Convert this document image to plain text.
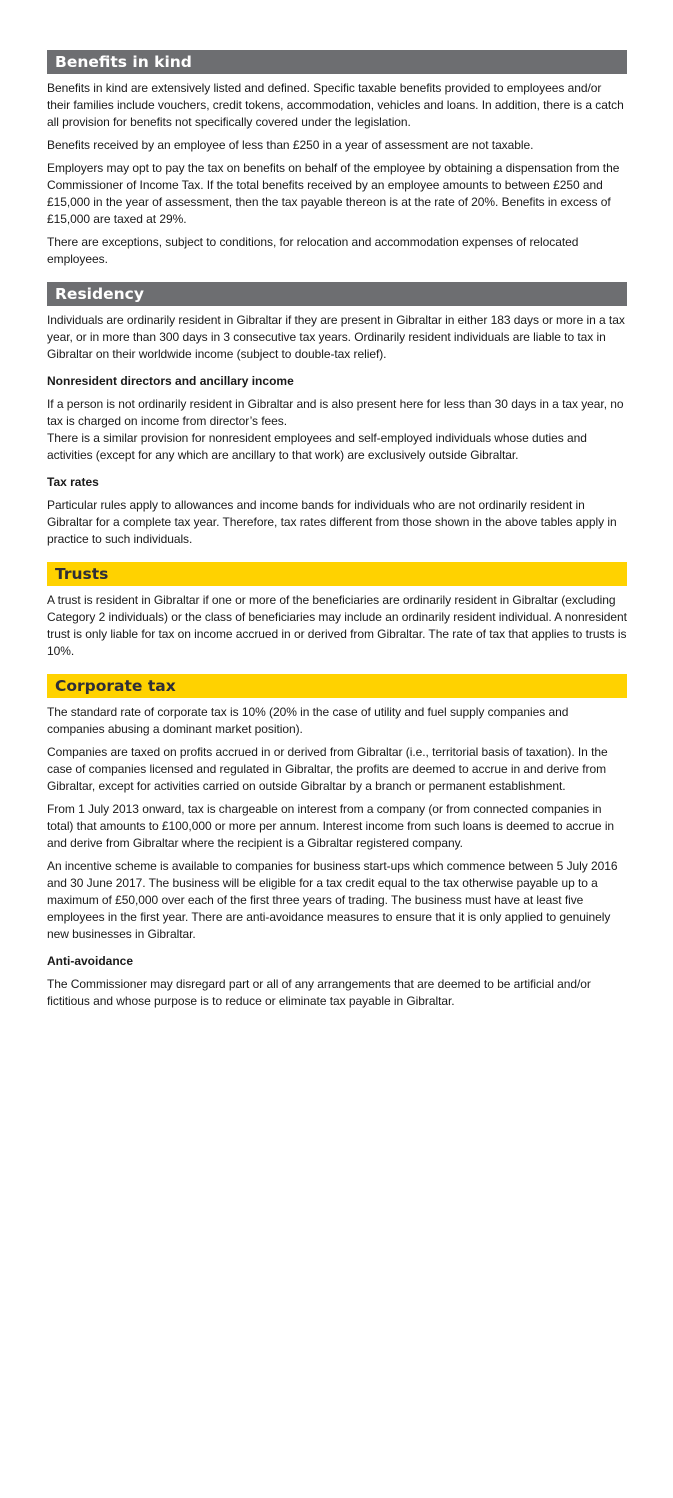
Benefits in kind

Benefits in kind are extensively listed and defined. Specific taxable benefits provided to employees and/or their families include vouchers, credit tokens, accommodation, vehicles and loans. In addition, there is a catch all provision for benefits not specifically covered under the legislation.

Benefits received by an employee of less than £250 in a year of assessment are not taxable.

Employers may opt to pay the tax on benefits on behalf of the employee by obtaining a dispensation from the Commissioner of Income Tax. If the total benefits received by an employee amounts to between £250 and £15,000 in the year of assessment, then the tax payable thereon is at the rate of 20%. Benefits in excess of £15,000 are taxed at 29%.

There are exceptions, subject to conditions, for relocation and accommodation expenses of relocated employees.

Residency

Individuals are ordinarily resident in Gibraltar if they are present in Gibraltar in either 183 days or more in a tax year, or in more than 300 days in 3 consecutive tax years. Ordinarily resident individuals are liable to tax in Gibraltar on their worldwide income (subject to double-tax relief).

Nonresident directors and ancillary income

If a person is not ordinarily resident in Gibraltar and is also present here for less than 30 days in a tax year, no tax is charged on income from director’s fees.

There is a similar provision for nonresident employees and self-employed individuals whose duties and activities (except for any which are ancillary to that work) are exclusively outside Gibraltar.

Tax rates

Particular rules apply to allowances and income bands for individuals who are not ordinarily resident in Gibraltar for a complete tax year. Therefore, tax rates different from those shown in the above tables apply in practice to such individuals.

Trusts

A trust is resident in Gibraltar if one or more of the beneficiaries are ordinarily resident in Gibraltar (excluding Category 2 individuals) or the class of beneficiaries may include an ordinarily resident individual. A nonresident trust is only liable for tax on income accrued in or derived from Gibraltar. The rate of tax that applies to trusts is 10%.

Corporate tax

The standard rate of corporate tax is 10% (20% in the case of utility and fuel supply companies and companies abusing a dominant market position).

Companies are taxed on profits accrued in or derived from Gibraltar (i.e., territorial basis of taxation). In the case of companies licensed and regulated in Gibraltar, the profits are deemed to accrue in and derive from Gibraltar, except for activities carried on outside Gibraltar by a branch or permanent establishment.

From 1 July 2013 onward, tax is chargeable on interest from a company (or from connected companies in total) that amounts to £100,000 or more per annum. Interest income from such loans is deemed to accrue in and derive from Gibraltar where the recipient is a Gibraltar registered company.

An incentive scheme is available to companies for business start-ups which commence between 5 July 2016 and 30 June 2017. The business will be eligible for a tax credit equal to the tax otherwise payable up to a maximum of £50,000 over each of the first three years of trading. The business must have at least five employees in the first year. There are anti-avoidance measures to ensure that it is only applied to genuinely new businesses in Gibraltar.

Anti-avoidance

The Commissioner may disregard part or all of any arrangements that are deemed to be artificial and/or fictitious and whose purpose is to reduce or eliminate tax payable in Gibraltar.
